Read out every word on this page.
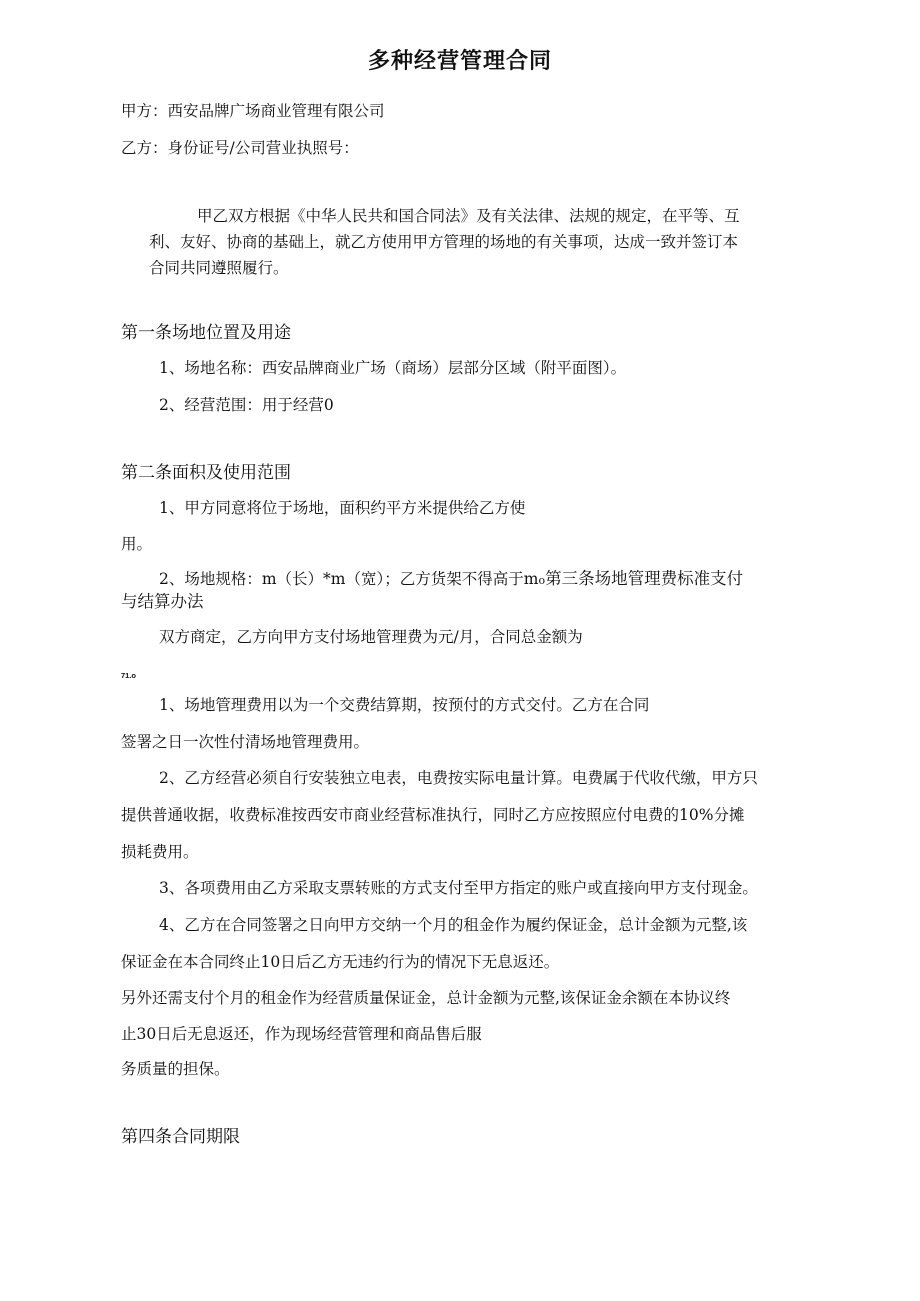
多种经营管理合同

甲方：西安品牌广场商业管理有限公司

乙方：身份证号/公司营业执照号：

甲乙双方根据《中华人民共和国合同法》及有关法律、法规的规定，在平等、互

利、友好、协商的基础上，就乙方使用甲方管理的场地的有关事项，达成一致并签订本

合同共同遵照履行。

第一条场地位置及用途

1、场地名称：西安品牌商业广场（商场）层部分区域（附平面图）。

2、经营范围：用于经营0

第二条面积及使用范围

1、甲方同意将位于场地，面积约平方米提供给乙方使

用。

2、场地规格：m（长）*m（宽）；乙方货架不得高于mo第三条场地管理费标准支付

与结算办法

双方商定，乙方向甲方支付场地管理费为元/月，合同总金额为

71.o

1、场地管理费用以为一个交费结算期，按预付的方式交付。乙方在合同

签署之日一次性付清场地管理费用。

2、乙方经营必须自行安装独立电表，电费按实际电量计算。电费属于代收代缴，甲方只

提供普通收据，收费标准按西安市商业经营标准执行，同时乙方应按照应付电费的10%分摊

损耗费用。

3、各项费用由乙方采取支票转账的方式支付至甲方指定的账户或直接向甲方支付现金。

4、乙方在合同签署之日向甲方交纳一个月的租金作为履约保证金，总计金额为元整,该

保证金在本合同终止10日后乙方无违约行为的情况下无息返还。

另外还需支付个月的租金作为经营质量保证金，总计金额为元整,该保证金余额在本协议终

止30日后无息返还，作为现场经营管理和商品售后服

务质量的担保。

第四条合同期限
